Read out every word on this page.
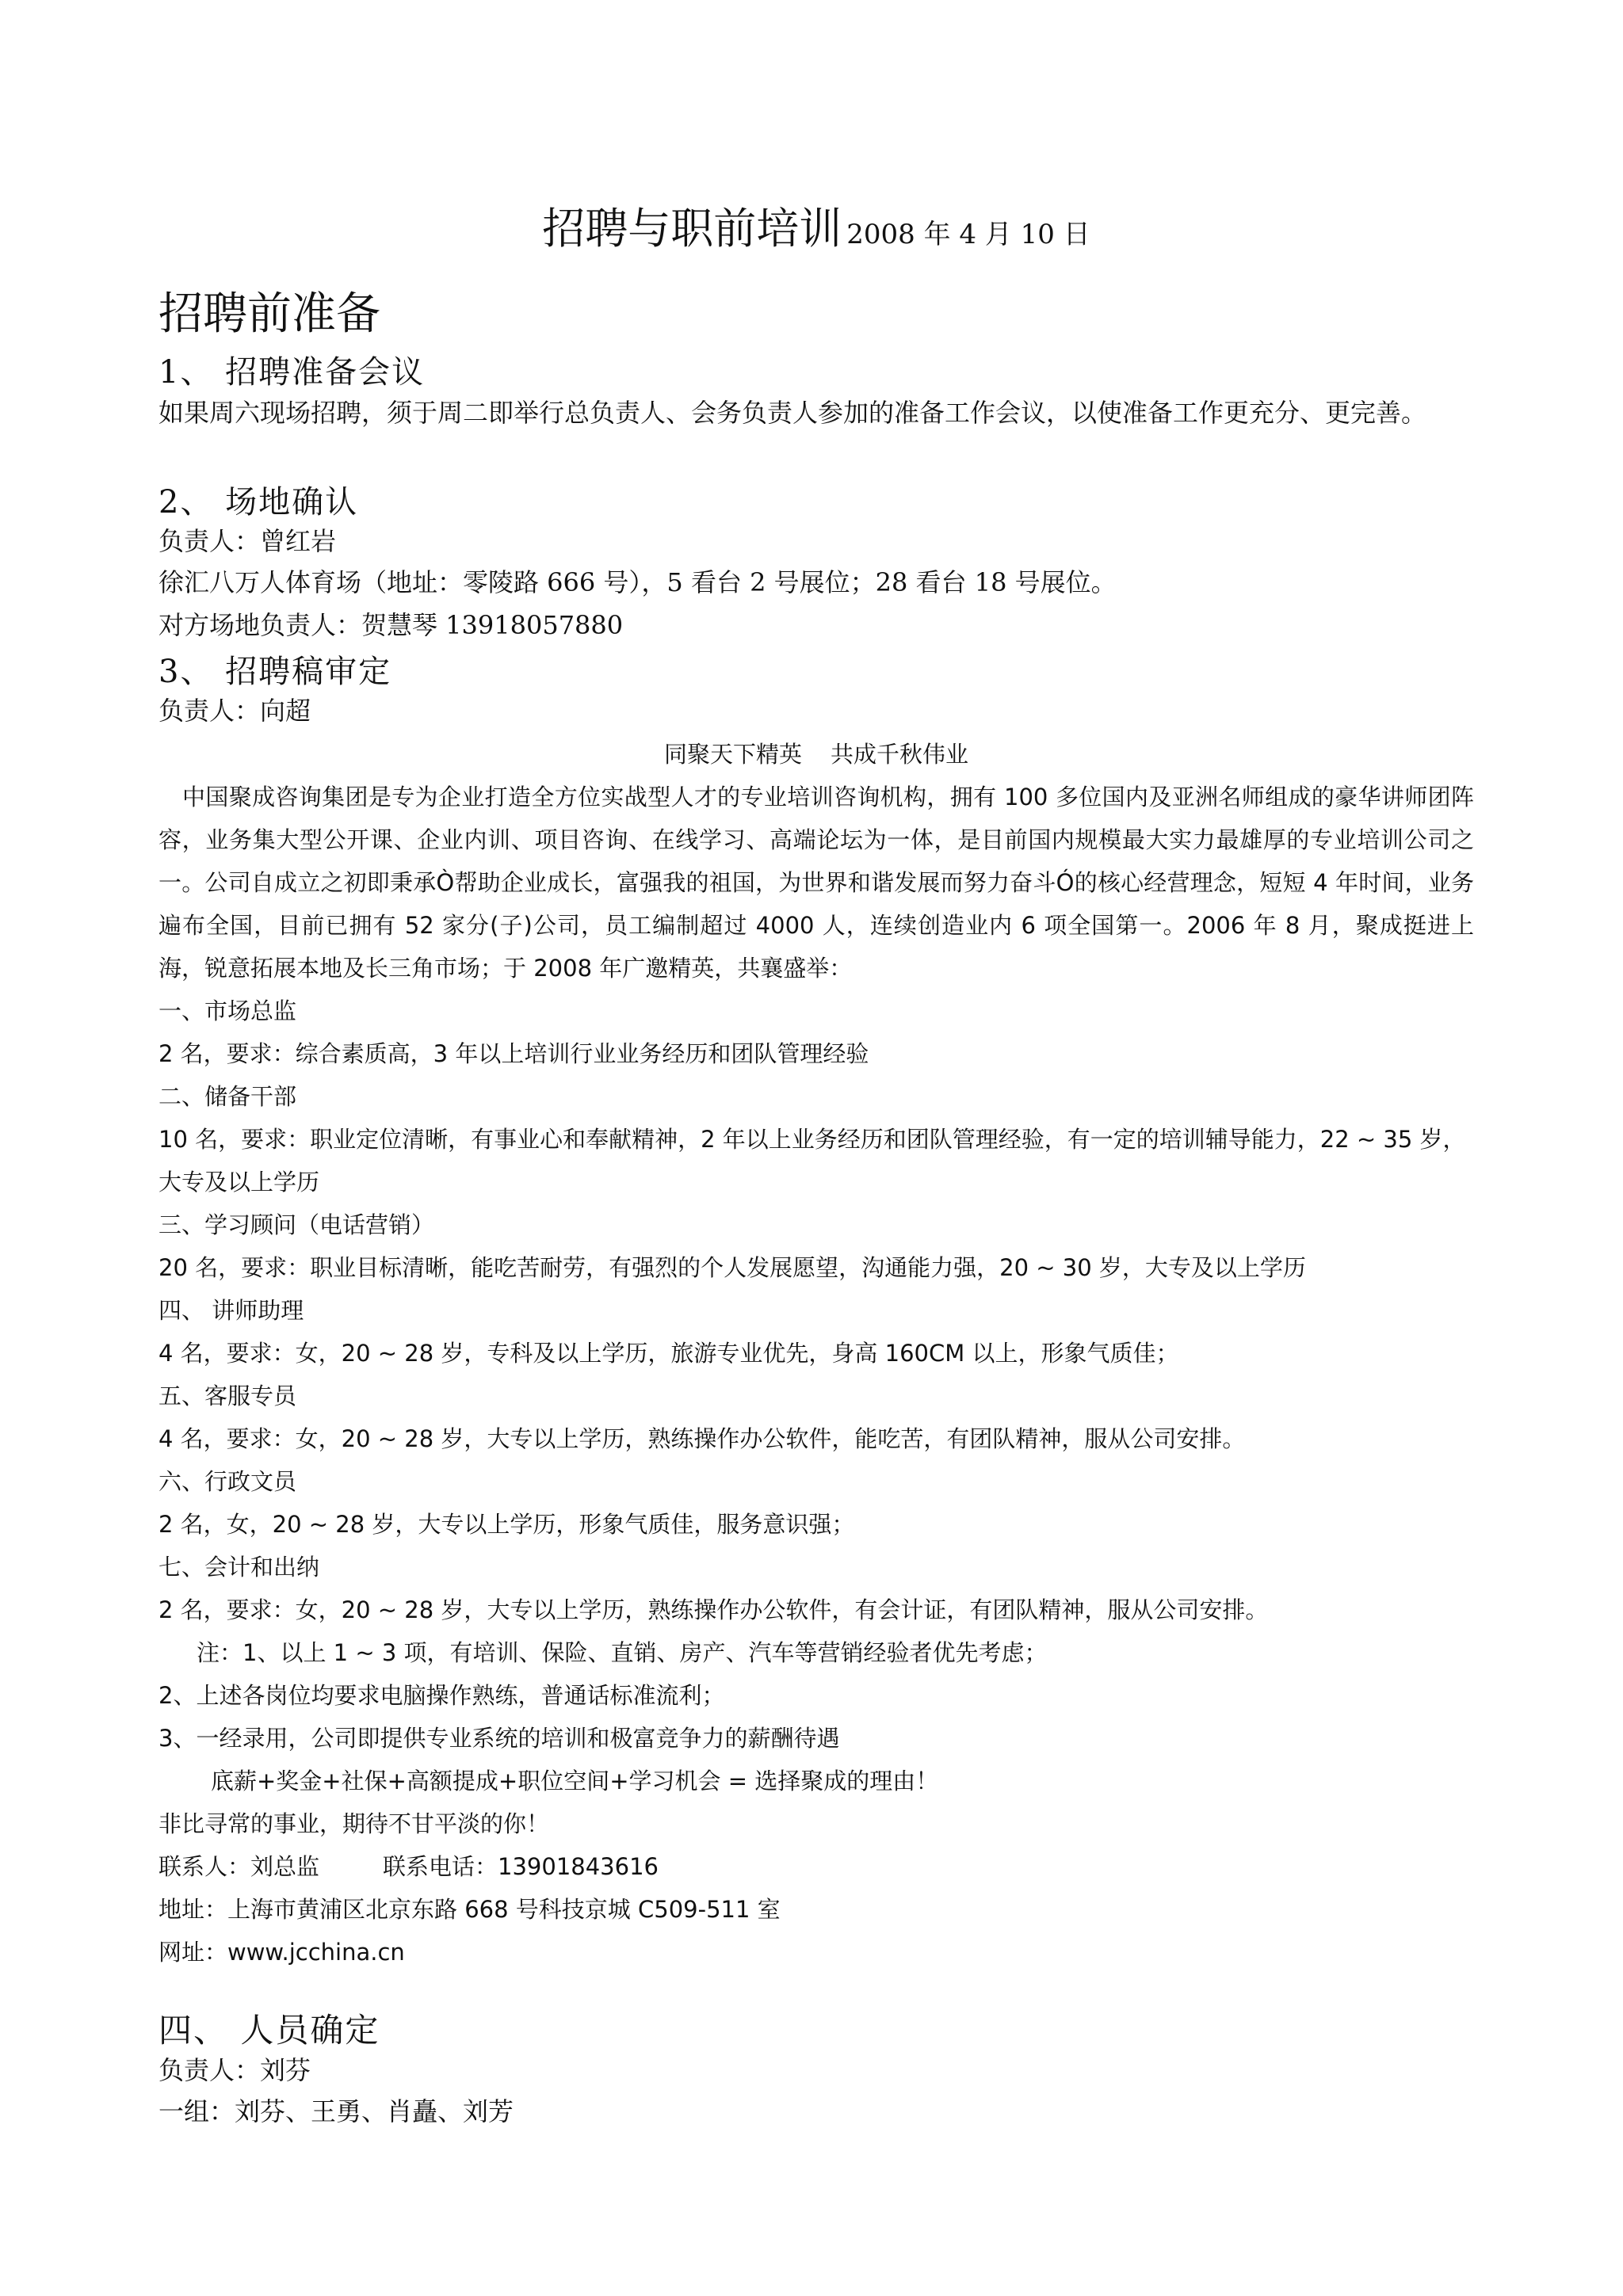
招聘与职前培训 2008 年 4 月 10 日
招聘前准备
1、 招聘准备会议
如果周六现场招聘，须于周二即举行总负责人、会务负责人参加的准备工作会议，以使准备工作更充分、更完善。
2、 场地确认
负责人：曾红岩
徐汇八万人体育场（地址：零陵路 666 号），5 看台 2 号展位；28 看台 18 号展位。
对方场地负责人：贺慧琴 13918057880
3、 招聘稿审定
负责人：向超
同聚天下精英 共成千秋伟业
中国聚成咨询集团是专为企业打造全方位实战型人才的专业培训咨询机构，拥有 100 多位国内及亚洲名师组成的豪华讲师团阵容，业务集大型公开课、企业内训、项目咨询、在线学习、高端论坛为一体，是目前国内规模最大实力最雄厚的专业培训公司之一。公司自成立之初即秉承Ò帮助企业成长，富强我的祖国，为世界和谐发展而努力奋斗Ó的核心经营理念，短短 4 年时间，业务遍布全国，目前已拥有 52 家分(子)公司，员工编制超过 4000 人，连续创造业内 6 项全国第一。2006 年 8 月，聚成挺进上海，锐意拓展本地及长三角市场；于 2008 年广邀精英，共襄盛举：
一、市场总监
2 名，要求：综合素质高，3 年以上培训行业业务经历和团队管理经验
二、储备干部
10 名，要求：职业定位清晰，有事业心和奉献精神，2 年以上业务经历和团队管理经验，有一定的培训辅导能力，22 ~ 35 岁，大专及以上学历
三、学习顾问（电话营销）
20 名，要求：职业目标清晰，能吃苦耐劳，有强烈的个人发展愿望，沟通能力强，20 ~ 30 岁，大专及以上学历
四、 讲师助理
4 名，要求：女，20 ~ 28 岁，专科及以上学历，旅游专业优先，身高 160CM 以上，形象气质佳；
五、客服专员
4 名，要求：女，20 ~ 28 岁，大专以上学历，熟练操作办公软件，能吃苦，有团队精神，服从公司安排。
六、行政文员
2 名，女，20 ~ 28 岁，大专以上学历，形象气质佳，服务意识强；
七、会计和出纳
2 名，要求：女，20 ~ 28 岁，大专以上学历，熟练操作办公软件，有会计证，有团队精神，服从公司安排。
注：1、以上 1 ~ 3 项，有培训、保险、直销、房产、汽车等营销经验者优先考虑；
2、上述各岗位均要求电脑操作熟练，普通话标准流利；
3、一经录用，公司即提供专业系统的培训和极富竞争力的薪酬待遇
底薪+奖金+社保+高额提成+职位空间+学习机会 = 选择聚成的理由！
非比寻常的事业，期待不甘平淡的你！
联系人：刘总监	联系电话：13901843616
地址：上海市黄浦区北京东路 668 号科技京城 C509-511 室
网址：www.jcchina.cn
四、 人员确定
负责人：刘芬
一组：刘芬、王勇、肖矗、刘芳
